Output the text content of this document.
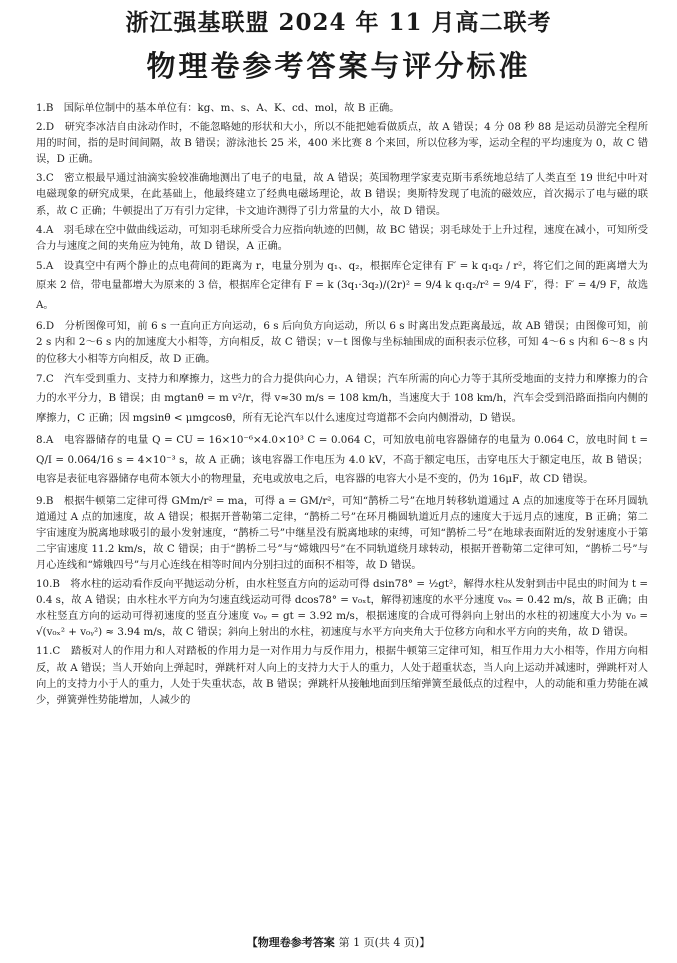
浙江强基联盟 2024 年 11 月高二联考
物理卷参考答案与评分标准

1.B　国际单位制中的基本单位有：kg、m、s、A、K、cd、mol，故 B 正确。

2.D　研究李冰洁自由泳动作时，不能忽略她的形状和大小，所以不能把她看做质点，故 A 错误；4 分 08 秒 88 是运动员游完全程所用的时间，指的是时间间隔，故 B 错误；游泳池长 25 米，400 米比赛 8 个来回，所以位移为零，运动全程的平均速度为 0，故 C 错误，D 正确。

3.C　密立根最早通过油滴实验较准确地测出了电子的电量，故 A 错误；英国物理学家麦克斯韦系统地总结了人类直至 19 世纪中叶对电磁现象的研究成果，在此基础上，他最终建立了经典电磁场理论，故 B 错误；奥斯特发现了电流的磁效应，首次揭示了电与磁的联系，故 C 正确；牛顿提出了万有引力定律，卡文迪许测得了引力常量的大小，故 D 错误。

4.A　羽毛球在空中做曲线运动，可知羽毛球所受合力应指向轨迹的凹侧，故 BC 错误；羽毛球处于上升过程，速度在减小，可知所受合力与速度之间的夹角应为钝角，故 D 错误，A 正确。

5.A　设真空中有两个静止的点电荷间的距离为 r，电量分别为 q₁、q₂，根据库仑定律有 F′ = k q₁q₂ / r²，将它们之间的距离增大为原来 2 倍，带电量都增大为原来的 3 倍，根据库仑定律有 F = k (3q₁·3q₂)/(2r)² = 9/4 k q₁q₂/r² = 9/4 F′，得：F′ = 4/9 F，故选 A。

6.D　分析图像可知，前 6 s 一直向正方向运动，6 s 后向负方向运动，所以 6 s 时离出发点距离最远，故 AB 错误；由图像可知，前 2 s 内和 2～6 s 内的加速度大小相等，方向相反，故 C 错误；v－t 图像与坐标轴围成的面积表示位移，可知 4～6 s 内和 6～8 s 内的位移大小相等方向相反，故 D 正确。

7.C　汽车受到重力、支持力和摩擦力，这些力的合力提供向心力，A 错误；汽车所需的向心力等于其所受地面的支持力和摩擦力的合力的水平分力，B 错误；由 mgtanθ = m v²/r，得 v≈30 m/s = 108 km/h，当速度大于 108 km/h，汽车会受到沿路面指向内侧的摩擦力，C 正确；因 mgsinθ < μmgcosθ，所有无论汽车以什么速度过弯道都不会向内侧滑动，D 错误。

8.A　电容器储存的电量 Q = CU = 16×10⁻⁶×4.0×10³ C = 0.064 C，可知放电前电容器储存的电量为 0.064 C，放电时间 t = Q/I = 0.064/16 s = 4×10⁻³ s，故 A 正确；该电容器工作电压为 4.0 kV，不高于额定电压，击穿电压大于额定电压，故 B 错误；电容是表征电容器储存电荷本领大小的物理量，充电或放电之后，电容器的电容大小是不变的，仍为 16μF，故 CD 错误。

9.B　根据牛顿第二定律可得 GMm/r² = ma，可得 a = GM/r²，可知“鹊桥二号”在地月转移轨道通过 A 点的加速度等于在环月圆轨道通过 A 点的加速度，故 A 错误；根据开普勒第二定律，“鹊桥二号”在环月椭圆轨道近月点的速度大于远月点的速度，B 正确；第二宇宙速度为脱离地球吸引的最小发射速度，“鹊桥二号”中继星没有脱离地球的束缚，可知“鹊桥二号”在地球表面附近的发射速度小于第二宇宙速度 11.2 km/s，故 C 错误；由于“鹊桥二号”与“嫦娥四号”在不同轨道绕月球转动，根据开普勒第二定律可知，“鹊桥二号”与月心连线和“嫦娥四号”与月心连线在相等时间内分别扫过的面积不相等，故 D 错误。

10.B　将水柱的运动看作反向平抛运动分析，由水柱竖直方向的运动可得 dsin78° = ½gt²，解得水柱从发射到击中昆虫的时间为 t = 0.4 s，故 A 错误；由水柱水平方向为匀速直线运动可得 dcos78° = v₀ₓt，解得初速度的水平分速度 v₀ₓ = 0.42 m/s，故 B 正确；由水柱竖直方向的运动可得初速度的竖直分速度 v₀ᵧ = gt = 3.92 m/s，根据速度的合成可得斜向上射出的水柱的初速度大小为 v₀ = √(v₀ₓ² + v₀ᵧ²) ≈ 3.94 m/s，故 C 错误；斜向上射出的水柱，初速度与水平方向夹角大于位移方向和水平方向的夹角，故 D 错误。

11.C　踏板对人的作用力和人对踏板的作用力是一对作用力与反作用力，根据牛顿第三定律可知，相互作用力大小相等，作用方向相反，故 A 错误；当人开始向上弹起时，弹跳杆对人向上的支持力大于人的重力，人处于超重状态，当人向上运动并减速时，弹跳杆对人向上的支持力小于人的重力，人处于失重状态，故 B 错误；弹跳杆从接触地面到压缩弹簧至最低点的过程中，人的动能和重力势能在减少，弹簧弹性势能增加，人减少的

【物理卷参考答案 第 1 页(共 4 页)】
